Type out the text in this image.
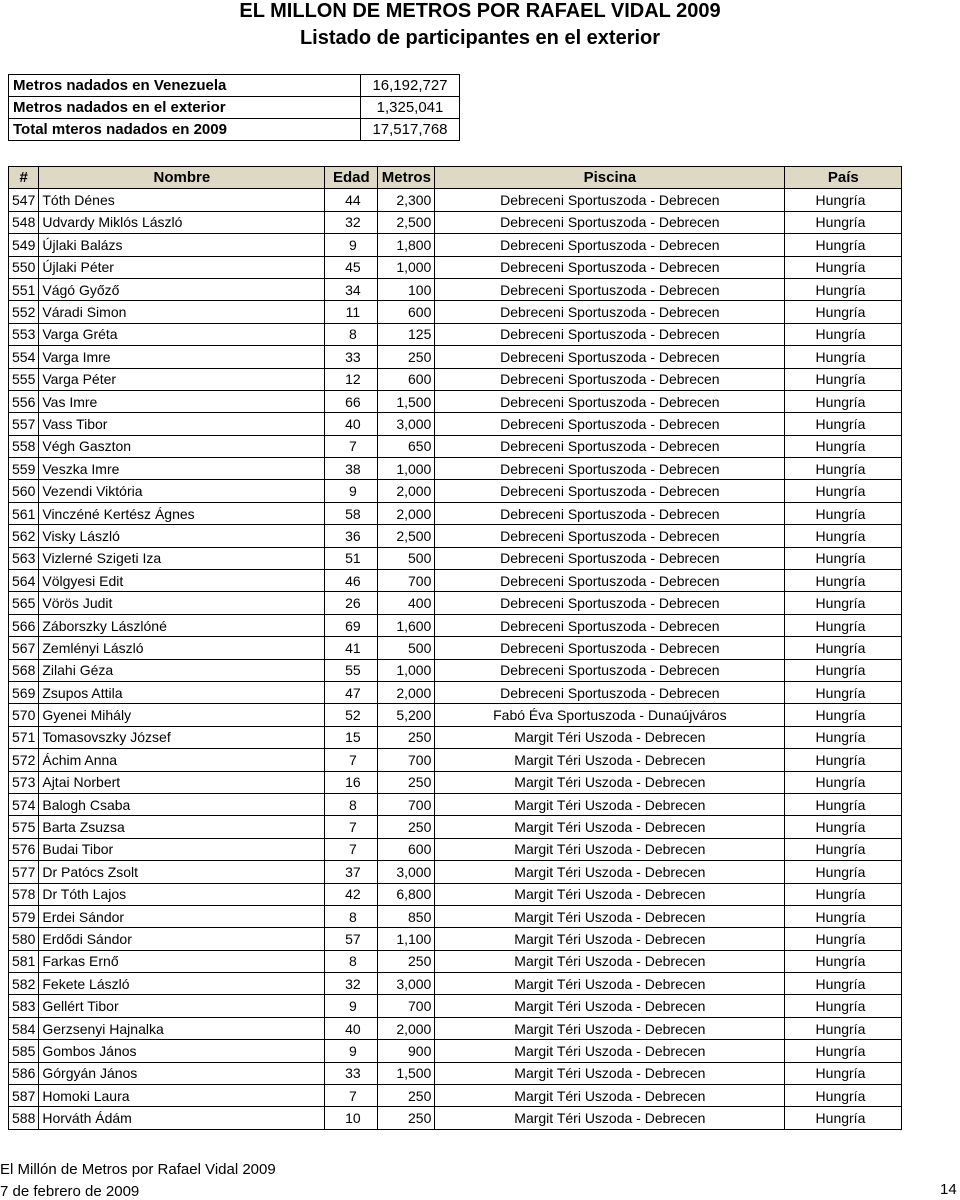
EL MILLON DE METROS POR RAFAEL VIDAL 2009
Listado de participantes en el exterior
Metros nadados en Venezuela	16,192,727
Metros nadados en el exterior	1,325,041
Total mteros nadados en 2009	17,517,768
#	Nombre	Edad	Metros	Piscina	País
547	Tóth Dénes	44	2,300	Debreceni Sportuszoda - Debrecen	Hungría
548	Udvardy Miklós László	32	2,500	Debreceni Sportuszoda - Debrecen	Hungría
549	Újlaki Balázs	9	1,800	Debreceni Sportuszoda - Debrecen	Hungría
550	Újlaki Péter	45	1,000	Debreceni Sportuszoda - Debrecen	Hungría
551	Vágó Győző	34	100	Debreceni Sportuszoda - Debrecen	Hungría
552	Váradi Simon	11	600	Debreceni Sportuszoda - Debrecen	Hungría
553	Varga Gréta	8	125	Debreceni Sportuszoda - Debrecen	Hungría
554	Varga Imre	33	250	Debreceni Sportuszoda - Debrecen	Hungría
555	Varga Péter	12	600	Debreceni Sportuszoda - Debrecen	Hungría
556	Vas Imre	66	1,500	Debreceni Sportuszoda - Debrecen	Hungría
557	Vass Tibor	40	3,000	Debreceni Sportuszoda - Debrecen	Hungría
558	Végh Gaszton	7	650	Debreceni Sportuszoda - Debrecen	Hungría
559	Veszka Imre	38	1,000	Debreceni Sportuszoda - Debrecen	Hungría
560	Vezendi Viktória	9	2,000	Debreceni Sportuszoda - Debrecen	Hungría
561	Vinczéné Kertész Ágnes	58	2,000	Debreceni Sportuszoda - Debrecen	Hungría
562	Visky László	36	2,500	Debreceni Sportuszoda - Debrecen	Hungría
563	Vizlerné Szigeti Iza	51	500	Debreceni Sportuszoda - Debrecen	Hungría
564	Völgyesi Edit	46	700	Debreceni Sportuszoda - Debrecen	Hungría
565	Vörös Judit	26	400	Debreceni Sportuszoda - Debrecen	Hungría
566	Záborszky Lászlóné	69	1,600	Debreceni Sportuszoda - Debrecen	Hungría
567	Zemlényi László	41	500	Debreceni Sportuszoda - Debrecen	Hungría
568	Zilahi Géza	55	1,000	Debreceni Sportuszoda - Debrecen	Hungría
569	Zsupos Attila	47	2,000	Debreceni Sportuszoda - Debrecen	Hungría
570	Gyenei Mihály	52	5,200	Fabó Éva Sportuszoda - Dunaújváros	Hungría
571	Tomasovszky József	15	250	Margit Téri Uszoda - Debrecen	Hungría
572	Áchim Anna	7	700	Margit Téri Uszoda - Debrecen	Hungría
573	Ajtai Norbert	16	250	Margit Téri Uszoda - Debrecen	Hungría
574	Balogh Csaba	8	700	Margit Téri Uszoda - Debrecen	Hungría
575	Barta Zsuzsa	7	250	Margit Téri Uszoda - Debrecen	Hungría
576	Budai Tibor	7	600	Margit Téri Uszoda - Debrecen	Hungría
577	Dr Patócs Zsolt	37	3,000	Margit Téri Uszoda - Debrecen	Hungría
578	Dr Tóth Lajos	42	6,800	Margit Téri Uszoda - Debrecen	Hungría
579	Erdei Sándor	8	850	Margit Téri Uszoda - Debrecen	Hungría
580	Erdődi Sándor	57	1,100	Margit Téri Uszoda - Debrecen	Hungría
581	Farkas Ernő	8	250	Margit Téri Uszoda - Debrecen	Hungría
582	Fekete László	32	3,000	Margit Téri Uszoda - Debrecen	Hungría
583	Gellért Tibor	9	700	Margit Téri Uszoda - Debrecen	Hungría
584	Gerzsenyi Hajnalka	40	2,000	Margit Téri Uszoda - Debrecen	Hungría
585	Gombos János	9	900	Margit Téri Uszoda - Debrecen	Hungría
586	Górgyán János	33	1,500	Margit Téri Uszoda - Debrecen	Hungría
587	Homoki Laura	7	250	Margit Téri Uszoda - Debrecen	Hungría
588	Horváth Ádám	10	250	Margit Téri Uszoda - Debrecen	Hungría
El Millón de Metros por Rafael Vidal 2009
7 de febrero de 2009	14
